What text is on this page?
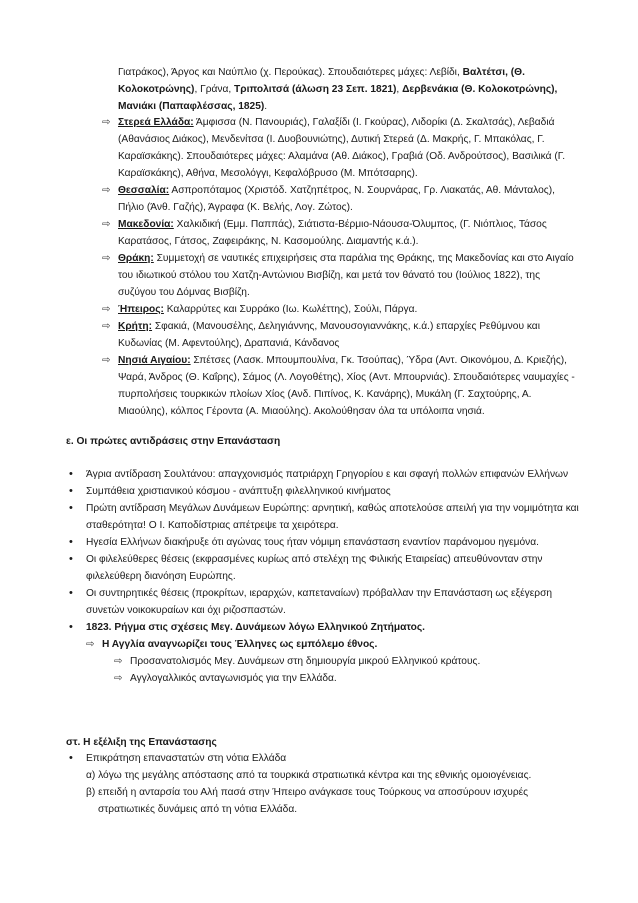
Γιατράκος), Άργος και Ναύπλιο (χ. Περούκας). Σπουδαιότερες μάχες: Λεβίδι, Βαλτέτσι, (Θ. Κολοκοτρώνης), Γράνα, Τριπολιτσά (άλωση 23 Σεπ. 1821), Δερβενάκια (Θ. Κολοκοτρώνης), Μανιάκι (Παπαφλέσσας, 1825).

⇨ Στερεά Ελλάδα: Άμφισσα (Ν. Πανουριάς), Γαλαξίδι (Ι. Γκούρας), Λιδορίκι (Δ. Σκαλτσάς), Λεβαδιά (Αθανάσιος Διάκος), Μενδενίτσα (Ι. Δυοβουνιώτης), Δυτική Στερεά (Δ. Μακρής, Γ. Μπακόλας, Γ. Καραϊσκάκης). Σπουδαιότερες μάχες: Αλαμάνα (Αθ. Διάκος), Γραβιά (Οδ. Ανδρούτσος), Βασιλικά (Γ. Καραϊσκάκης), Αθήνα, Μεσολόγγι, Κεφαλόβρυσο (Μ. Μπότσαρης).
⇨ Θεσσαλία: Ασπροπόταμος (Χριστόδ. Χατζηπέτρος, Ν. Σουρνάρας, Γρ. Λιακατάς, Αθ. Μάνταλος), Πήλιο (Άνθ. Γαζής), Άγραφα (Κ. Βελής, Λογ. Ζώτος).
⇨ Μακεδονία: Χαλκιδική (Εμμ. Παππάς), Σιάτιστα-Βέρμιο-Νάουσα-Όλυμπος, (Γ. Νιόπλιος, Τάσος Καρατάσος, Γάτσος, Ζαφειράκης, Ν. Κασομούλης. Διαμαντής κ.ά.).
⇨ Θράκη: Συμμετοχή σε ναυτικές επιχειρήσεις στα παράλια της Θράκης, της Μακεδονίας και στο Αιγαίο του ιδιωτικού στόλου του Χατζη-Αντώνιου Βισβίζη, και μετά τον θάνατό του (Ιούλιος 1822), της συζύγου του Δόμνας Βισβίζη.
⇨ Ήπειρος: Καλαρρύτες και Συρράκο (Ιω. Κωλέττης), Σούλι, Πάργα.
⇨ Κρήτη: Σφακιά, (Μανουσέλης, Δεληγιάννης, Μανουσογιαννάκης, κ.ά.) επαρχίες Ρεθύμνου και Κυδωνίας (Μ. Αφεντούλης), Δραπανιά, Κάνδανος
⇨ Νησιά Αιγαίου: Σπέτσες (Λασκ. Μπουμπουλίνα, Γκ. Τσούπας), Ύδρα (Αντ. Οικονόμου, Δ. Κριεζής), Ψαρά, Άνδρος (Θ. Καΐρης), Σάμος (Λ. Λογοθέτης), Χίος (Αντ. Μπουρνιάς). Σπουδαιότερες ναυμαχίες - πυρπολήσεις τουρκικών πλοίων Χίος (Ανδ. Πιπίνος, Κ. Κανάρης), Μυκάλη (Γ. Σαχτούρης, Α. Μιαούλης), κόλπος Γέροντα (Α. Μιαούλης). Ακολούθησαν όλα τα υπόλοιπα νησιά.

ε. Οι πρώτες αντιδράσεις στην Επανάσταση

• Άγρια αντίδραση Σουλτάνου: απαγχονισμός πατριάρχη Γρηγορίου ε και σφαγή πολλών επιφανών Ελλήνων
• Συμπάθεια χριστιανικού κόσμου - ανάπτυξη φιλελληνικού κινήματος
• Πρώτη αντίδραση Μεγάλων Δυνάμεων Ευρώπης: αρνητική, καθώς αποτελούσε απειλή για την νομιμότητα και σταθερότητα! Ο Ι. Καποδίστριας απέτρεψε τα χειρότερα.
• Ηγεσία Ελλήνων διακήρυξε ότι αγώνας τους ήταν νόμιμη επανάσταση εναντίον παράνομου ηγεμόνα.
• Οι φιλελεύθερες θέσεις (εκφρασμένες κυρίως από στελέχη της Φιλικής Εταιρείας) απευθύνονταν στην φιλελεύθερη διανόηση Ευρώπης.
• Οι συντηρητικές θέσεις (προκρίτων, ιεραρχών, καπεταναίων) πρόβαλλαν την Επανάσταση ως εξέγερση συνετών νοικοκυραίων και όχι ριζοσπαστών.
• 1823. Ρήγμα στις σχέσεις Μεγ. Δυνάμεων λόγω Ελληνικού Ζητήματος.
⇨ Η Αγγλία αναγνωρίζει τους Έλληνες ως εμπόλεμο έθνος.
⇨ Προσανατολισμός Μεγ. Δυνάμεων στη δημιουργία μικρού Ελληνικού κράτους.
⇨ Αγγλογαλλικός ανταγωνισμός για την Ελλάδα.

στ. Η εξέλιξη της Επανάστασης

• Επικράτηση επαναστατών στη νότια Ελλάδα
α) λόγω της μεγάλης απόστασης από τα τουρκικά στρατιωτικά κέντρα και της εθνικής ομοιογένειας.
β) επειδή η ανταρσία του Αλή πασά στην Ήπειρο ανάγκασε τους Τούρκους να αποσύρουν ισχυρές στρατιωτικές δυνάμεις από τη νότια Ελλάδα.
